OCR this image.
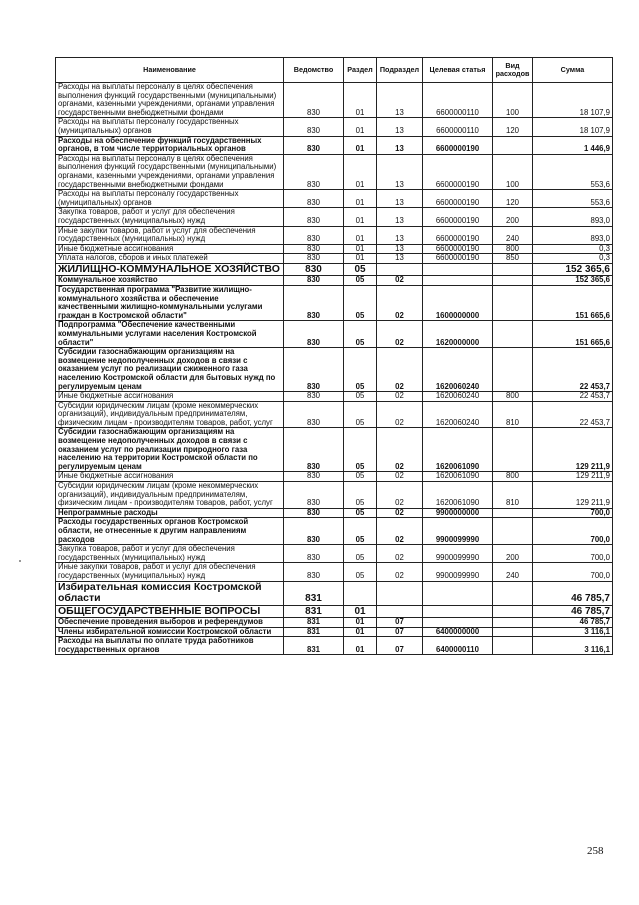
Наименование	Ведомство	Раздел	Подраздел	Целевая статья	Вид расходов	Сумма
Расходы на выплаты персоналу в целях обеспечения выполнения функций государственными (муниципальными) органами, казенными учреждениями, органами управления государственными внебюджетными фондами	830	01	13	6600000110	100	18 107,9
Расходы на выплаты персоналу государственных (муниципальных) органов	830	01	13	6600000110	120	18 107,9
Расходы на обеспечение функций государственных органов, в том числе территориальных органов	830	01	13	6600000190		1 446,9
Расходы на выплаты персоналу в целях обеспечения выполнения функций государственными (муниципальными) органами, казенными учреждениями, органами управления государственными внебюджетными фондами	830	01	13	6600000190	100	553,6
Расходы на выплаты персоналу государственных (муниципальных) органов	830	01	13	6600000190	120	553,6
Закупка товаров, работ и услуг для обеспечения государственных (муниципальных) нужд	830	01	13	6600000190	200	893,0
Иные закупки товаров, работ и услуг для обеспечения государственных (муниципальных) нужд	830	01	13	6600000190	240	893,0
Иные бюджетные ассигнования	830	01	13	6600000190	800	0,3
Уплата налогов, сборов и иных платежей	830	01	13	6600000190	850	0,3
ЖИЛИЩНО-КОММУНАЛЬНОЕ ХОЗЯЙСТВО	830	05				152 365,6
Коммунальное хозяйство	830	05	02			152 365,6
Государственная программа "Развитие жилищно-коммунального хозяйства и обеспечение качественными жилищно-коммунальными услугами граждан в Костромской области"	830	05	02	1600000000		151 665,6
Подпрограмма "Обеспечение качественными коммунальными услугами населения Костромской области"	830	05	02	1620000000		151 665,6
Субсидии газоснабжающим организациям на возмещение недополученных доходов в связи с оказанием услуг по реализации сжиженного газа населению Костромской области для бытовых нужд по регулируемым ценам	830	05	02	1620060240		22 453,7
Иные бюджетные ассигнования	830	05	02	1620060240	800	22 453,7
Субсидии юридическим лицам (кроме некоммерческих организаций), индивидуальным предпринимателям, физическим лицам - производителям товаров, работ, услуг	830	05	02	1620060240	810	22 453,7
Субсидии газоснабжающим организациям на возмещение недополученных доходов в связи с оказанием услуг по реализации природного газа населению на территории Костромской области по регулируемым ценам	830	05	02	1620061090		129 211,9
Иные бюджетные ассигнования	830	05	02	1620061090	800	129 211,9
Субсидии юридическим лицам (кроме некоммерческих организаций), индивидуальным предпринимателям, физическим лицам - производителям товаров, работ, услуг	830	05	02	1620061090	810	129 211,9
Непрограммные расходы	830	05	02	9900000000		700,0
Расходы государственных органов Костромской области, не отнесенные к другим направлениям расходов	830	05	02	9900099990		700,0
Закупка товаров, работ и услуг для обеспечения государственных (муниципальных) нужд	830	05	02	9900099990	200	700,0
Иные закупки товаров, работ и услуг для обеспечения государственных (муниципальных) нужд	830	05	02	9900099990	240	700,0
Избирательная комиссия Костромской области	831					46 785,7
ОБЩЕГОСУДАРСТВЕННЫЕ ВОПРОСЫ	831	01				46 785,7
Обеспечение проведения выборов и референдумов	831	01	07			46 785,7
Члены избирательной комиссии Костромской области	831	01	07	6400000000		3 116,1
Расходы на выплаты по оплате труда работников государственных органов	831	01	07	6400000110		3 116,1
258
